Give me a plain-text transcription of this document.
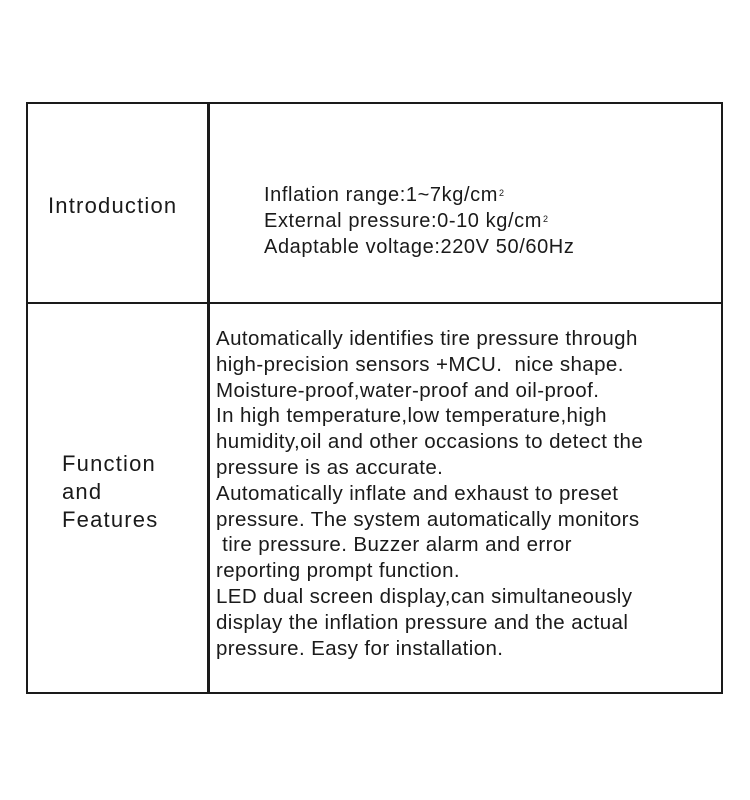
Introduction	Inflation $range:1\sim 7kg/cm^2$
External pressure:0-10 $kg/cm^2$
Adaptable voltage:220V 50/60Hz
Function
and
Features
Automatically identifies tire pressure through
high-precision sensors +MCU.  nice shape.
Moisture-proof,water-proof and oil-proof.
In high temperature,low temperature,high
humidity,oil and other occasions to detect the
pressure is as accurate.
Automatically inflate and exhaust to preset
pressure. The system automatically monitors
tire pressure. Buzzer alarm and error
reporting prompt function.
LED dual screen display,can simultaneously
display the inflation pressure and the actual
pressure. Easy for installation.
